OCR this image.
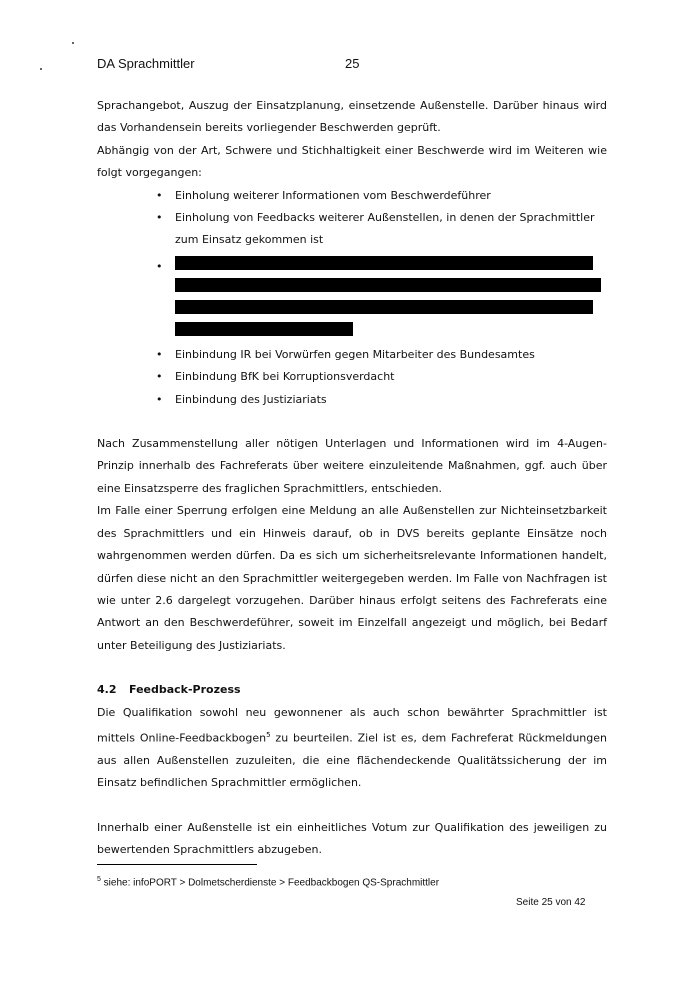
DA Sprachmittler	25

Sprachangebot, Auszug der Einsatzplanung, einsetzende Außenstelle. Darüber hinaus wird das Vorhandensein bereits vorliegender Beschwerden geprüft.

Abhängig von der Art, Schwere und Stichhaltigkeit einer Beschwerde wird im Weiteren wie folgt vorgegangen:

• Einholung weiterer Informationen vom Beschwerdeführer
• Einholung von Feedbacks weiterer Außenstellen, in denen der Sprachmittler zum Einsatz gekommen ist
•
• Einbindung IR bei Vorwürfen gegen Mitarbeiter des Bundesamtes
• Einbindung BfK bei Korruptionsverdacht
• Einbindung des Justiziariats

Nach Zusammenstellung aller nötigen Unterlagen und Informationen wird im 4-Augen-Prinzip innerhalb des Fachreferats über weitere einzuleitende Maßnahmen, ggf. auch über eine Einsatzsperre des fraglichen Sprachmittlers, entschieden.

Im Falle einer Sperrung erfolgen eine Meldung an alle Außenstellen zur Nichteinsetzbarkeit des Sprachmittlers und ein Hinweis darauf, ob in DVS bereits geplante Einsätze noch wahrgenommen werden dürfen. Da es sich um sicherheitsrelevante Informationen handelt, dürfen diese nicht an den Sprachmittler weitergegeben werden. Im Falle von Nachfragen ist wie unter 2.6 dargelegt vorzugehen. Darüber hinaus erfolgt seitens des Fachreferats eine Antwort an den Beschwerdeführer, soweit im Einzelfall angezeigt und möglich, bei Bedarf unter Beteiligung des Justiziariats.

4.2 Feedback-Prozess

Die Qualifikation sowohl neu gewonnener als auch schon bewährter Sprachmittler ist mittels Online-Feedbackbogen$^5$ zu beurteilen. Ziel ist es, dem Fachreferat Rückmeldungen aus allen Außenstellen zuzuleiten, die eine flächendeckende Qualitätssicherung der im Einsatz befindlichen Sprachmittler ermöglichen.

Innerhalb einer Außenstelle ist ein einheitliches Votum zur Qualifikation des jeweiligen zu bewertenden Sprachmittlers abzugeben.

$^5$ siehe: infoPORT > Dolmetscherdienste > Feedbackbogen QS-Sprachmittler
Seite 25 von 42
